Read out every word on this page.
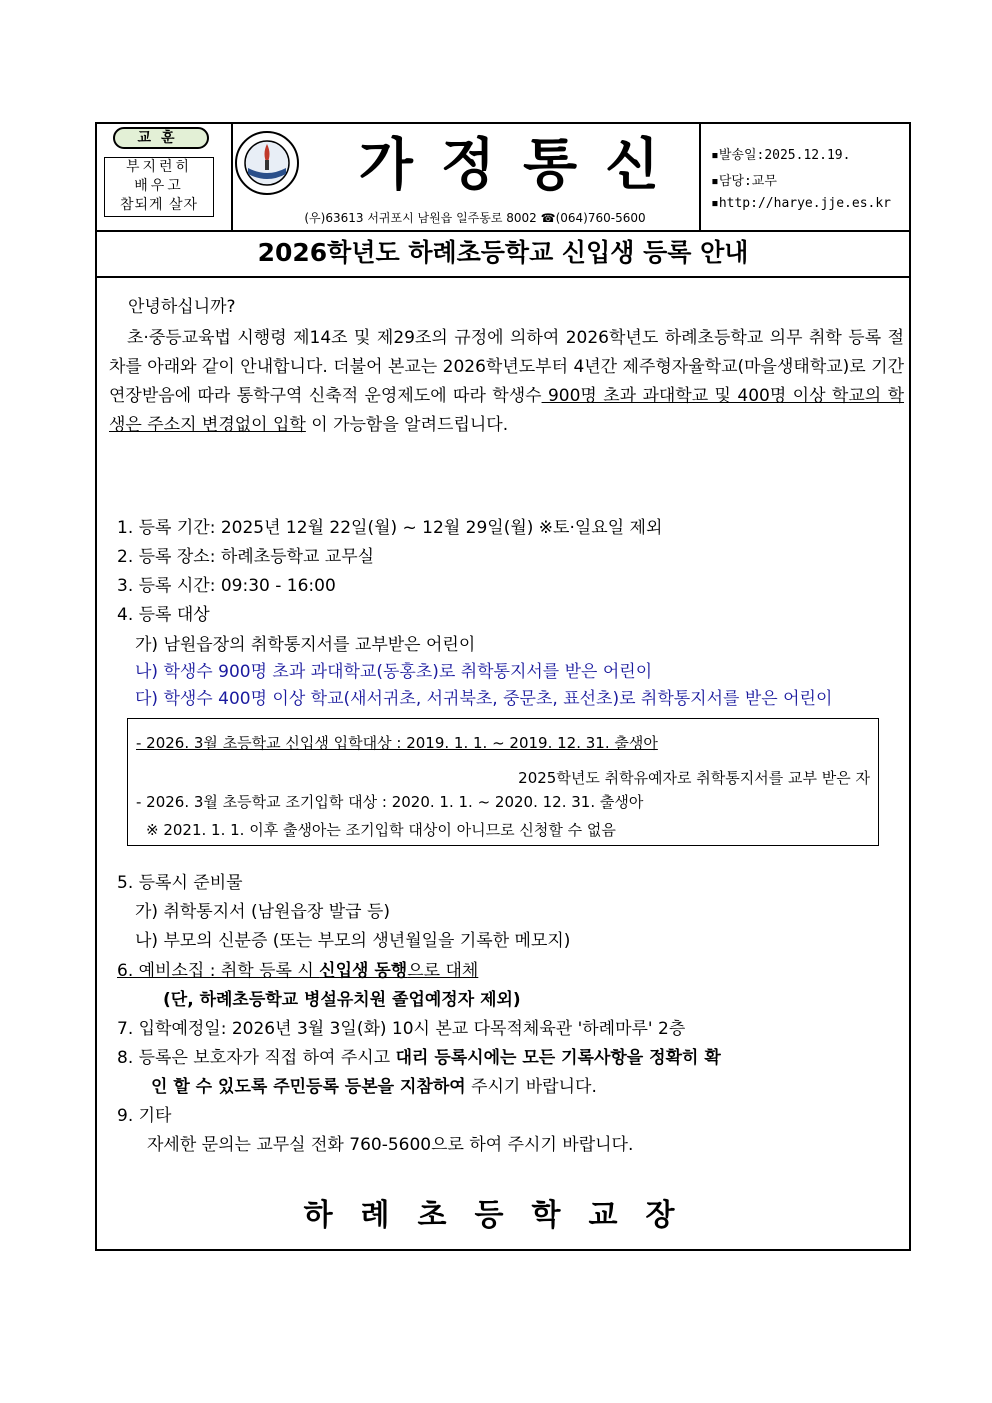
교훈
부지런히
배우고
참되게 살자
가정통신
(우)63613 서귀포시 남원읍 일주동로 8002 ☎(064)760-5600
▪발송일:2025.12.19.
▪담당:교무
▪http://harye.jje.es.kr
2026학년도 하례초등학교 신입생 등록 안내
안녕하십니까?
초·중등교육법 시행령 제14조 및 제29조의 규정에 의하여 2026학년도 하례초등학교 의무 취학 등록 절차를 아래와 같이 안내합니다. 더불어 본교는 2026학년도부터 4년간 제주형자율학교(마을생태학교)로 기간 연장받음에 따라 통학구역 신축적 운영제도에 따라 학생수 900명 초과 과대학교 및 400명 이상 학교의 학생은 주소지 변경없이 입학 이 가능함을 알려드립니다.
1. 등록 기간: 2025년 12월 22일(월) ~ 12월 29일(월) ※토·일요일 제외
2. 등록 장소: 하례초등학교 교무실
3. 등록 시간: 09:30 - 16:00
4. 등록 대상
가) 남원읍장의 취학통지서를 교부받은 어린이
나) 학생수 900명 초과 과대학교(동홍초)로 취학통지서를 받은 어린이
다) 학생수 400명 이상 학교(새서귀초, 서귀북초, 중문초, 표선초)로 취학통지서를 받은 어린이
- 2026. 3월 초등학교 신입생 입학대상 : 2019. 1. 1. ~ 2019. 12. 31. 출생아
2025학년도 취학유예자로 취학통지서를 교부 받은 자
- 2026. 3월 초등학교 조기입학 대상 : 2020. 1. 1. ~ 2020. 12. 31. 출생아
※ 2021. 1. 1. 이후 출생아는 조기입학 대상이 아니므로 신청할 수 없음
5. 등록시 준비물
가) 취학통지서 (남원읍장 발급 등)
나) 부모의 신분증 (또는 부모의 생년월일을 기록한 메모지)
6. 예비소집 : 취학 등록 시 신입생 동행으로 대체
(단, 하례초등학교 병설유치원 졸업예정자 제외)
7. 입학예정일: 2026년 3월 3일(화) 10시 본교 다목적체육관 '하례마루' 2층
8. 등록은 보호자가 직접 하여 주시고 대리 등록시에는 모든 기록사항을 정확히 확
인 할 수 있도록 주민등록 등본을 지참하여 주시기 바랍니다.
9. 기타
자세한 문의는 교무실 전화 760-5600으로 하여 주시기 바랍니다.
하례초등학교장
